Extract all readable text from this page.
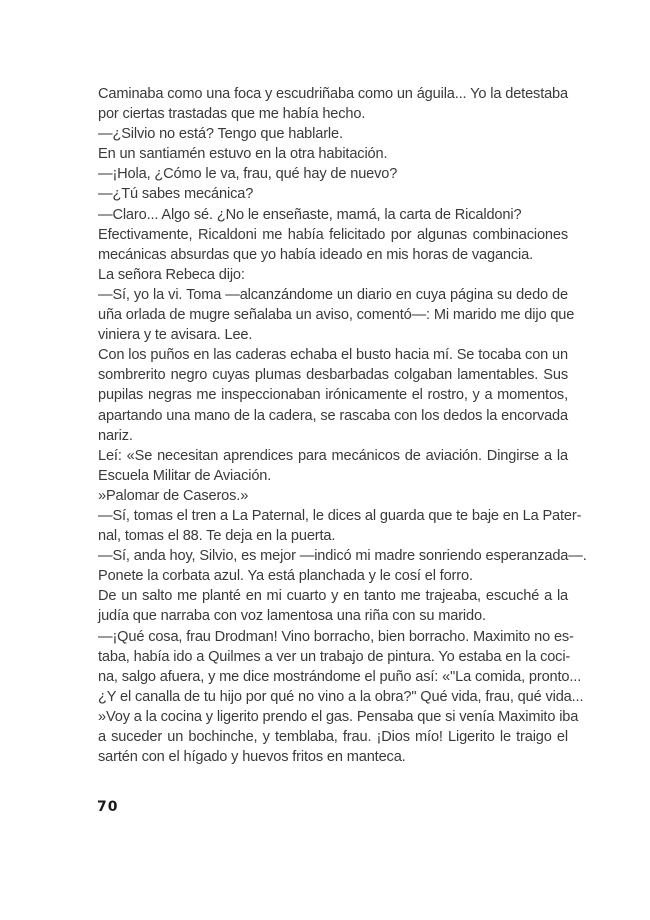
Caminaba como una foca y escudriñaba como un águila... Yo la detestaba
por ciertas trastadas que me había hecho.
—¿Silvio no está? Tengo que hablarle.
En un santiamén estuvo en la otra habitación.
—¡Hola, ¿Cómo le va, frau, qué hay de nuevo?
—¿Tú sabes mecánica?
—Claro... Algo sé. ¿No le enseñaste, mamá, la carta de Ricaldoni?
Efectivamente, Ricaldoni me había felicitado por algunas combinaciones
mecánicas absurdas que yo había ideado en mis horas de vagancia.
La señora Rebeca dijo:
—Sí, yo la vi. Toma —alcanzándome un diario en cuya página su dedo de
uña orlada de mugre señalaba un aviso, comentó—: Mi marido me dijo que
viniera y te avisara. Lee.
Con los puños en las caderas echaba el busto hacia mí. Se tocaba con un
sombrerito negro cuyas plumas desbarbadas colgaban lamentables. Sus
pupilas negras me inspeccionaban irónicamente el rostro, y a momentos,
apartando una mano de la cadera, se rascaba con los dedos la encorvada
nariz.
Leí: «Se necesitan aprendices para mecánicos de aviación. Dingirse a la
Escuela Militar de Aviación.
»Palomar de Caseros.»
—Sí, tomas el tren a La Paternal, le dices al guarda que te baje en La Pater-
nal, tomas el 88. Te deja en la puerta.
—Sí, anda hoy, Silvio, es mejor —indicó mi madre sonriendo esperanzada—.
Ponete la corbata azul. Ya está planchada y le cosí el forro.
De un salto me planté en mi cuarto y en tanto me trajeaba, escuché a la
judía que narraba con voz lamentosa una riña con su marido.
—¡Qué cosa, frau Drodman! Vino borracho, bien borracho. Maximito no es-
taba, había ido a Quilmes a ver un trabajo de pintura. Yo estaba en la coci-
na, salgo afuera, y me dice mostrándome el puño así: «"La comida, pronto...
¿Y el canalla de tu hijo por qué no vino a la obra?" Qué vida, frau, qué vida...
»Voy a la cocina y ligerito prendo el gas. Pensaba que si venía Maximito iba
a suceder un bochinche, y temblaba, frau. ¡Dios mío! Ligerito le traigo el
sartén con el hígado y huevos fritos en manteca.
70
